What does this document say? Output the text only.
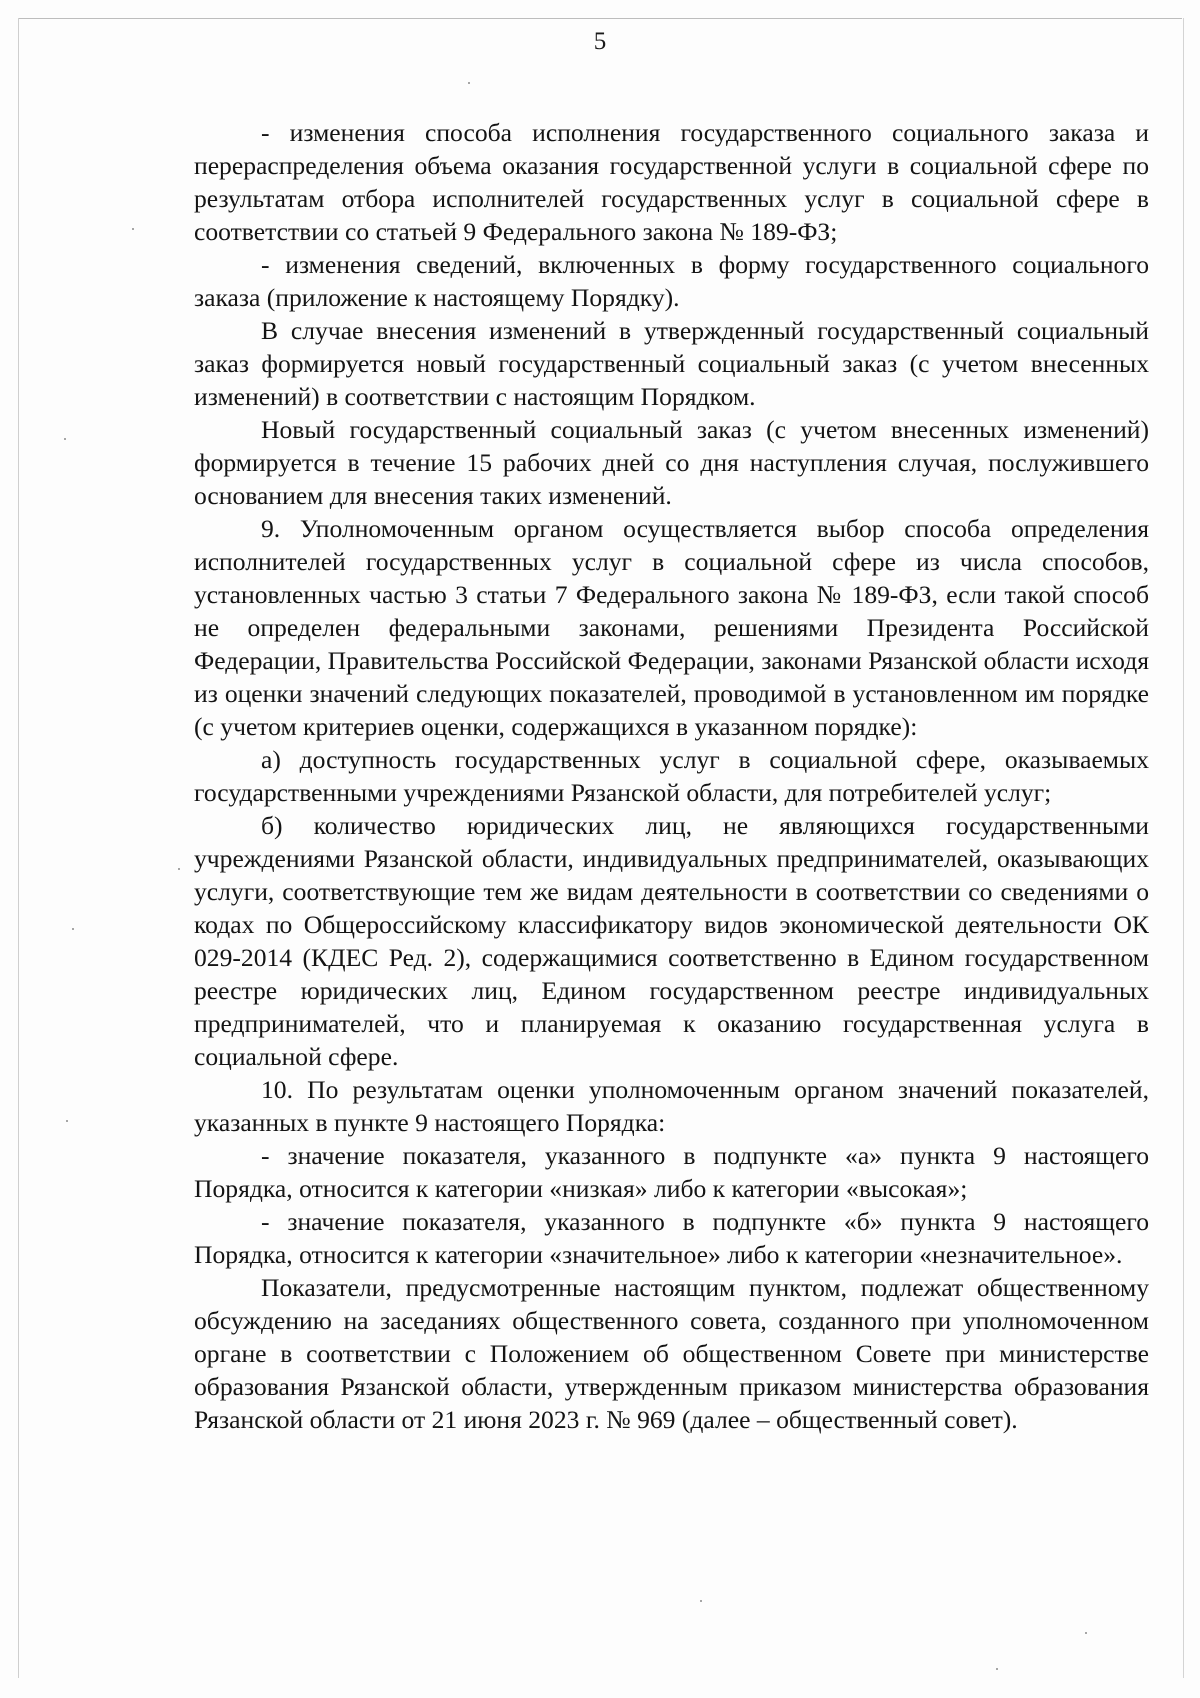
5

- изменения способа исполнения государственного социального заказа и перераспределения объема оказания государственной услуги в социальной сфере по результатам отбора исполнителей государственных услуг в социальной сфере в соответствии со статьей 9 Федерального закона № 189-ФЗ;

- изменения сведений, включенных в форму государственного социального заказа (приложение к настоящему Порядку).

В случае внесения изменений в утвержденный государственный социальный заказ формируется новый государственный социальный заказ (с учетом внесенных изменений) в соответствии с настоящим Порядком.

Новый государственный социальный заказ (с учетом внесенных изменений) формируется в течение 15 рабочих дней со дня наступления случая, послужившего основанием для внесения таких изменений.

9. Уполномоченным органом осуществляется выбор способа определения исполнителей государственных услуг в социальной сфере из числа способов, установленных частью 3 статьи 7 Федерального закона № 189-ФЗ, если такой способ не определен федеральными законами, решениями Президента Российской Федерации, Правительства Российской Федерации, законами Рязанской области исходя из оценки значений следующих показателей, проводимой в установленном им порядке (с учетом критериев оценки, содержащихся в указанном порядке):

а) доступность государственных услуг в социальной сфере, оказываемых государственными учреждениями Рязанской области, для потребителей услуг;

б) количество юридических лиц, не являющихся государственными учреждениями Рязанской области, индивидуальных предпринимателей, оказывающих услуги, соответствующие тем же видам деятельности в соответствии со сведениями о кодах по Общероссийскому классификатору видов экономической деятельности ОК 029-2014 (КДЕС Ред. 2), содержащимися соответственно в Едином государственном реестре юридических лиц, Едином государственном реестре индивидуальных предпринимателей, что и планируемая к оказанию государственная услуга в социальной сфере.

10. По результатам оценки уполномоченным органом значений показателей, указанных в пункте 9 настоящего Порядка:

- значение показателя, указанного в подпункте «а» пункта 9 настоящего Порядка, относится к категории «низкая» либо к категории «высокая»;

- значение показателя, указанного в подпункте «б» пункта 9 настоящего Порядка, относится к категории «значительное» либо к категории «незначительное».

Показатели, предусмотренные настоящим пунктом, подлежат общественному обсуждению на заседаниях общественного совета, созданного при уполномоченном органе в соответствии с Положением об общественном Совете при министерстве образования Рязанской области, утвержденным приказом министерства образования Рязанской области от 21 июня 2023 г. № 969 (далее – общественный совет).
